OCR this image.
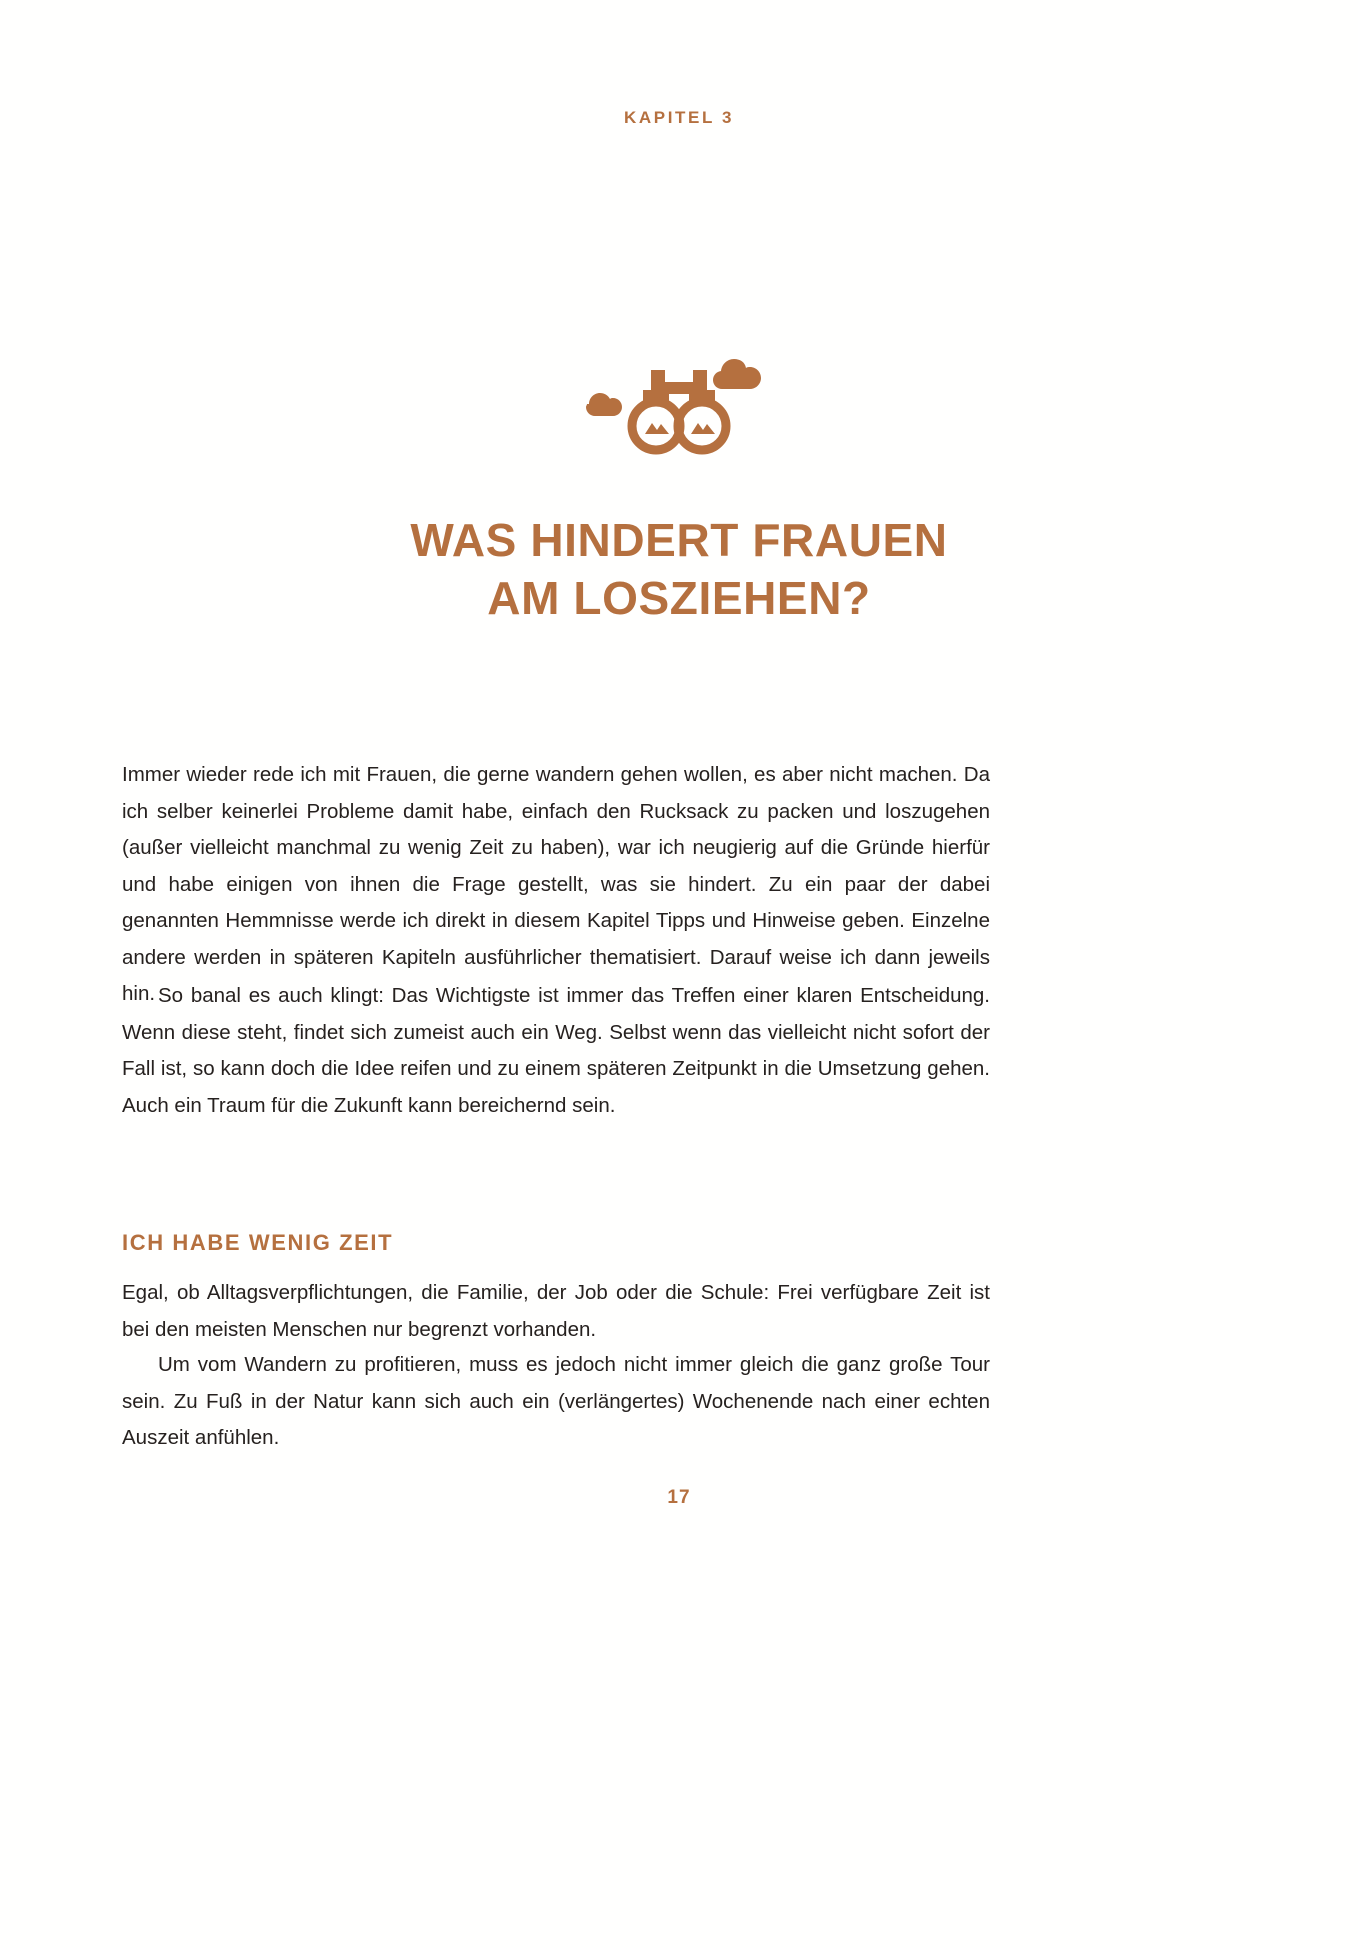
KAPITEL 3
WAS HINDERT FRAUEN
AM LOSZIEHEN?

Immer wieder rede ich mit Frauen, die gerne wandern gehen wollen, es aber nicht machen. Da ich selber keinerlei Probleme damit habe, einfach den Rucksack zu packen und loszugehen (außer vielleicht manchmal zu wenig Zeit zu haben), war ich neugierig auf die Gründe hierfür und habe einigen von ihnen die Frage gestellt, was sie hindert. Zu ein paar der dabei genannten Hemmnisse werde ich direkt in diesem Kapitel Tipps und Hinweise geben. Einzelne andere werden in späteren Kapiteln ausführlicher thematisiert. Darauf weise ich dann jeweils hin. So banal es auch klingt: Das Wichtigste ist immer das Treffen einer klaren Entscheidung. Wenn diese steht, findet sich zumeist auch ein Weg. Selbst wenn das vielleicht nicht sofort der Fall ist, so kann doch die Idee reifen und zu einem späteren Zeitpunkt in die Umsetzung gehen. Auch ein Traum für die Zukunft kann bereichernd sein.

ICH HABE WENIG ZEIT

Egal, ob Alltagsverpflichtungen, die Familie, der Job oder die Schule: Frei verfügbare Zeit ist bei den meisten Menschen nur begrenzt vorhanden.

Um vom Wandern zu profitieren, muss es jedoch nicht immer gleich die ganz große Tour sein. Zu Fuß in der Natur kann sich auch ein (verlängertes) Wochenende nach einer echten Auszeit anfühlen.

17
